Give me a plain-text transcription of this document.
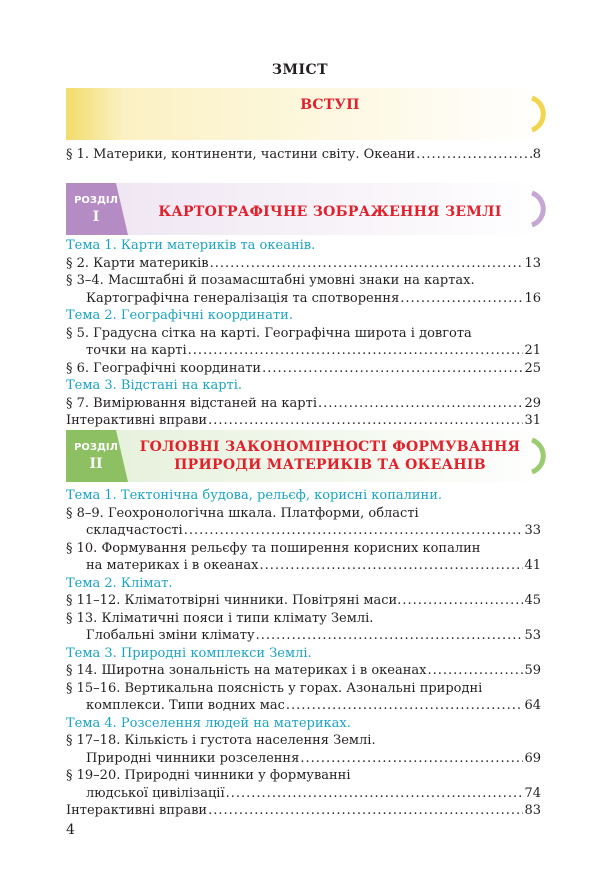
ЗМІСТ
ВСТУП
§ 1. Материки, континенти, частини світу. Океани .....	8
РОЗДІЛ
I	КАРТОГРАФІЧНЕ ЗОБРАЖЕННЯ ЗЕМЛІ
Тема 1. Карти материків та океанів.
§ 2. Карти материків .....	13
§ 3–4. Масштабні й позамасштабні умовні знаки на картах.
Картографічна генералізація та спотворення .....	16
Тема 2. Географічні координати.
§ 5. Градусна сітка на карті. Географічна широта і довгота
точки на карті .....	21
§ 6. Географічні координати .....	25
Тема 3. Відстані на карті.
§ 7. Вимірювання відстаней на карті .....	29
Інтерактивні вправи .....	31
РОЗДІЛ
II
ГОЛОВНІ ЗАКОНОМІРНОСТІ ФОРМУВАННЯ
ПРИРОДИ МАТЕРИКІВ ТА ОКЕАНІВ
Тема 1. Тектонічна будова, рельєф, корисні копалини.
§ 8–9. Геохронологічна шкала. Платформи, області
складчастості .....	33
§ 10. Формування рельєфу та поширення корисних копалин
на материках і в океанах .....	41
Тема 2. Клімат.
§ 11–12. Кліматотвірні чинники. Повітряні маси. .....	45
§ 13. Кліматичні пояси і типи клімату Землі.
Глобальні зміни клімату .....	53
Тема 3. Природні комплекси Землі.
§ 14. Широтна зональність на материках і в океанах .....	59
§ 15–16. Вертикальна поясність у горах. Азональні природні
комплекси. Типи водних мас .....	64
Тема 4. Розселення людей на материках.
§ 17–18. Кількість і густота населення Землі.
Природні чинники розселення .....	69
§ 19–20. Природні чинники у формуванні
людської цивілізації .....	74
Інтерактивні вправи .....	83
4
